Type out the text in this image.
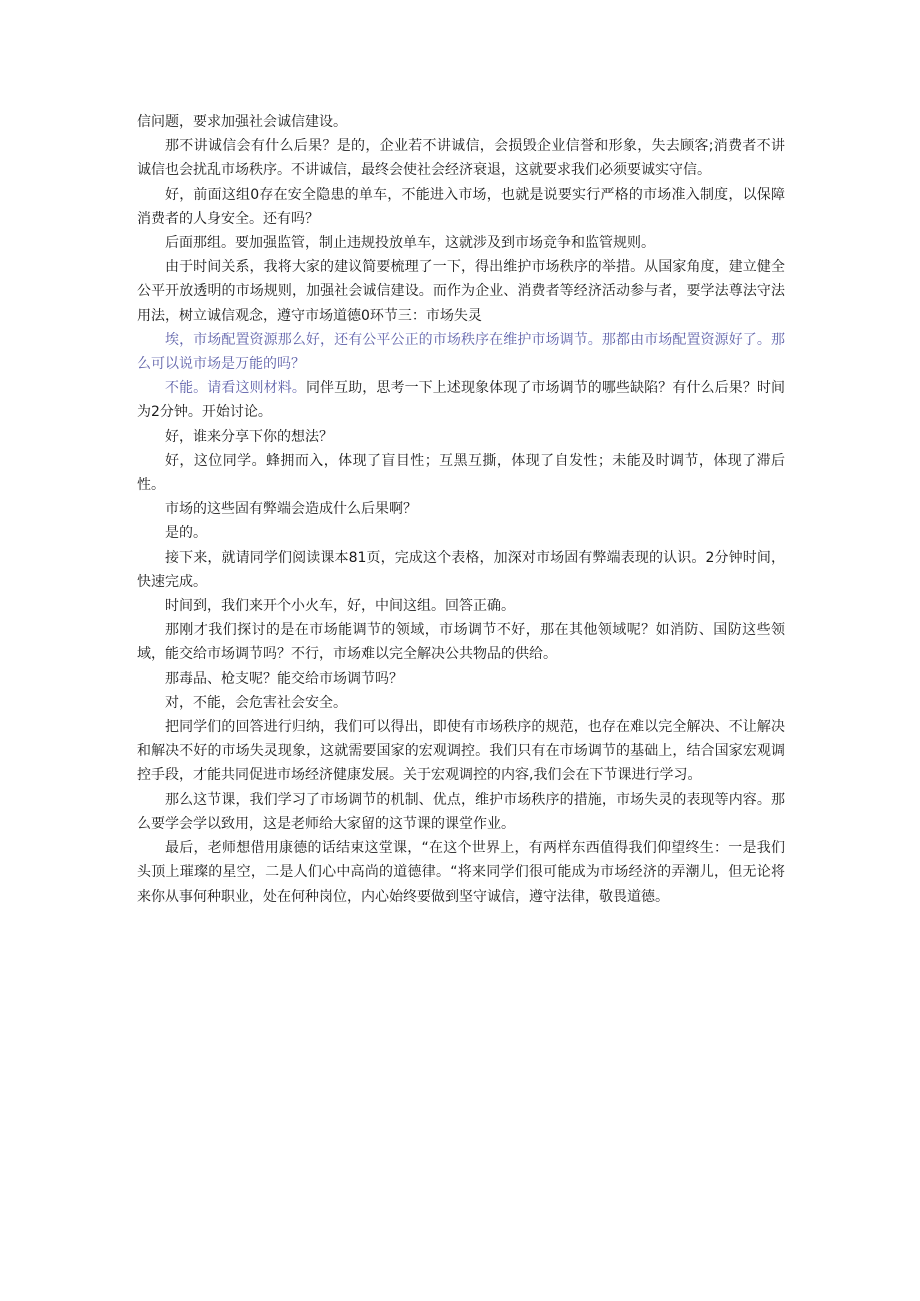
信问题，要求加强社会诚信建设。

那不讲诚信会有什么后果？是的，企业若不讲诚信，会损毁企业信誉和形象，失去顾客;消费者不讲诚信也会扰乱市场秩序。不讲诚信，最终会使社会经济衰退，这就要求我们必须要诚实守信。

好，前面这组0存在安全隐患的单车，不能进入市场，也就是说要实行严格的市场准入制度，以保障消费者的人身安全。还有吗？

后面那组。要加强监管，制止违规投放单车，这就涉及到市场竞争和监管规则。

由于时间关系，我将大家的建议简要梳理了一下，得出维护市场秩序的举措。从国家角度，建立健全公平开放透明的市场规则，加强社会诚信建设。而作为企业、消费者等经济活动参与者，要学法尊法守法用法，树立诚信观念，遵守市场道德0环节三：市场失灵

埃，市场配置资源那么好，还有公平公正的市场秩序在维护市场调节。那都由市场配置资源好了。那么可以说市场是万能的吗？

不能。请看这则材料。同伴互助，思考一下上述现象体现了市场调节的哪些缺陷？有什么后果？时间为2分钟。开始讨论。

好，谁来分享下你的想法？

好，这位同学。蜂拥而入，体现了盲目性；互黑互撕，体现了自发性；未能及时调节，体现了滞后性。

市场的这些固有弊端会造成什么后果啊？

是的。

接下来，就请同学们阅读课本81页，完成这个表格，加深对市场固有弊端表现的认识。2分钟时间，快速完成。

时间到，我们来开个小火车，好，中间这组。回答正确。

那刚才我们探讨的是在市场能调节的领域，市场调节不好，那在其他领域呢？如消防、国防这些领域，能交给市场调节吗？不行，市场难以完全解决公共物品的供给。

那毒品、枪支呢？能交给市场调节吗？

对，不能，会危害社会安全。

把同学们的回答进行归纳，我们可以得出，即使有市场秩序的规范，也存在难以完全解决、不让解决和解决不好的市场失灵现象，这就需要国家的宏观调控。我们只有在市场调节的基础上，结合国家宏观调控手段，才能共同促进市场经济健康发展。关于宏观调控的内容,我们会在下节课进行学习。

那么这节课，我们学习了市场调节的机制、优点，维护市场秩序的措施，市场失灵的表现等内容。那么要学会学以致用，这是老师给大家留的这节课的课堂作业。

最后，老师想借用康德的话结束这堂课，“在这个世界上，有两样东西值得我们仰望终生：一是我们头顶上璀璨的星空，二是人们心中高尚的道德律。“将来同学们很可能成为市场经济的弄潮儿，但无论将来你从事何种职业，处在何种岗位，内心始终要做到坚守诚信，遵守法律，敬畏道德。
